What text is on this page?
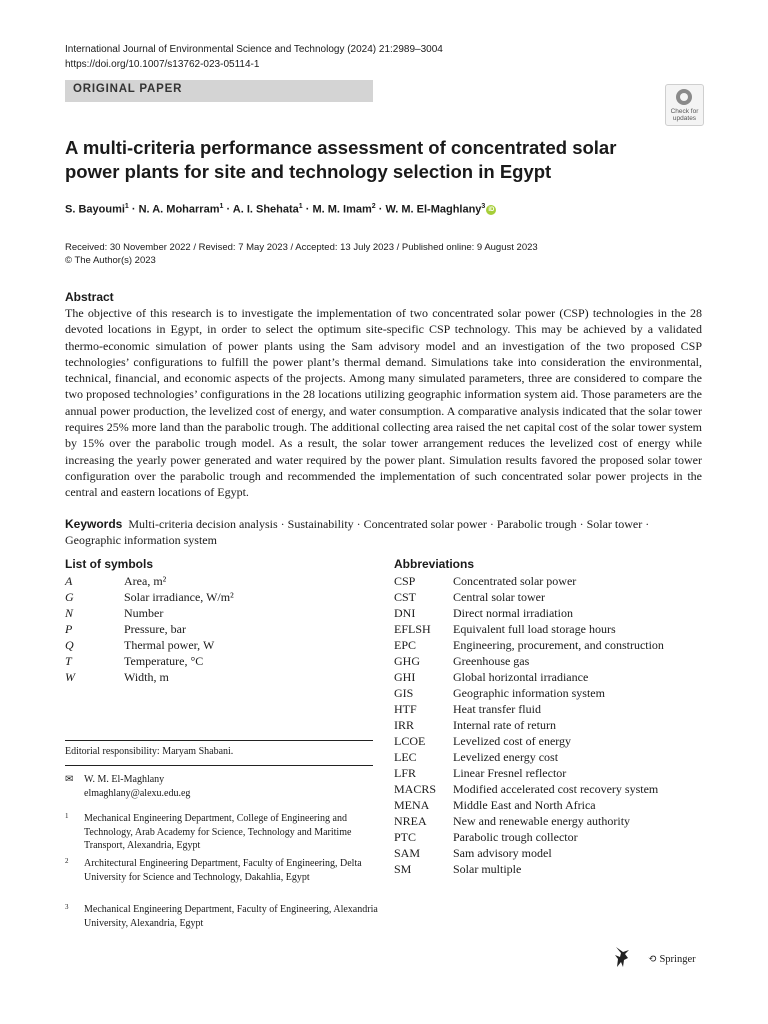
International Journal of Environmental Science and Technology (2024) 21:2989–3004
https://doi.org/10.1007/s13762-023-05114-1
ORIGINAL PAPER
Check for
updates
A multi-criteria performance assessment of concentrated solar power plants for site and technology selection in Egypt
S. Bayoumi$^1$ · N. A. Moharram$^1$ · A. I. Shehata$^1$ · M. M. Imam$^2$ · W. M. El-Maghlany$^3$ iD
Received: 30 November 2022 / Revised: 7 May 2023 / Accepted: 13 July 2023 / Published online: 9 August 2023
© The Author(s) 2023
Abstract
The objective of this research is to investigate the implementation of two concentrated solar power (CSP) technologies in the 28 devoted locations in Egypt, in order to select the optimum site-specific CSP technology. This may be achieved by a validated thermo-economic simulation of power plants using the Sam advisory model and an investigation of the two proposed CSP technologies’ configurations to fulfill the power plant’s thermal demand. Simulations take into consideration the environmental, technical, financial, and economic aspects of the projects. Among many simulated parameters, three are considered to compare the two proposed technologies’ configurations in the 28 locations utilizing geographic information system aid. Those parameters are the annual power production, the levelized cost of energy, and water consumption. A comparative analysis indicated that the solar tower requires 25% more land than the parabolic trough. The additional collecting area raised the net capital cost of the solar tower system by 15% over the parabolic trough model. As a result, the solar tower arrangement reduces the levelized cost of energy while increasing the yearly power generated and water required by the power plant. Simulation results favored the proposed solar tower configuration over the parabolic trough and recommended the implementation of such concentrated solar power projects in the central and eastern locations of Egypt.
Keywords Multi-criteria decision analysis · Sustainability · Concentrated solar power · Parabolic trough · Solar tower · Geographic information system
List of symbols
A	Area, m²
G	Solar irradiance, W/m²
N	Number
P	Pressure, bar
Q	Thermal power, W
T	Temperature, °C
W	Width, m
Abbreviations
CSP	Concentrated solar power
CST	Central solar tower
DNI	Direct normal irradiation
EFLSH Equivalent full load storage hours
EPC	Engineering, procurement, and construction
GHG	Greenhouse gas
GHI	Global horizontal irradiance
GIS	Geographic information system
HTF	Heat transfer fluid
IRR	Internal rate of return
LCOE Levelized cost of energy
LEC	Levelized energy cost
LFR	Linear Fresnel reflector
MACRS Modified accelerated cost recovery system
MENA Middle East and North Africa
NREA New and renewable energy authority
PTC	Parabolic trough collector
SAM	Sam advisory model
SM	Solar multiple
Editorial responsibility: Maryam Shabani.
✉ W. M. El-Maghlany
elmaghlany@alexu.edu.eg
1 Mechanical Engineering Department, College of Engineering and Technology, Arab Academy for Science, Technology and Maritime Transport, Alexandria, Egypt
2 Architectural Engineering Department, Faculty of Engineering, Delta University for Science and Technology, Dakahlia, Egypt
3 Mechanical Engineering Department, Faculty of Engineering, Alexandria University, Alexandria, Egypt
⟲ Springer
